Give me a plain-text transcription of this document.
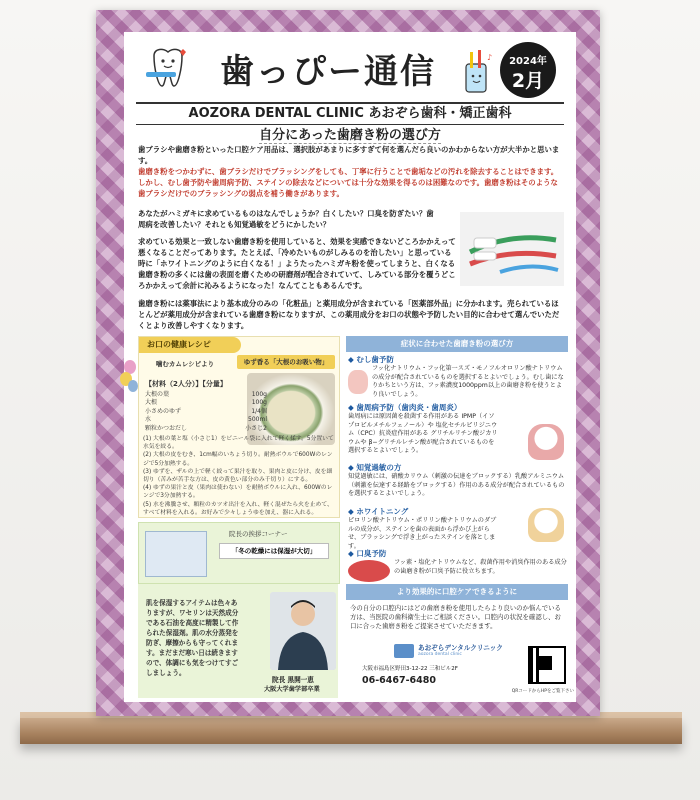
歯っぴー通信	♪	2024年
2月
AOZORA DENTAL CLINIC あおぞら歯科・矯正歯科
自分にあった歯磨き粉の選び方
歯ブラシや歯磨き粉といった口腔ケア用品は、選択肢があまりに多すぎて何を選んだら良いのかわからない方が大半かと思います。
歯磨き粉をつかわずに、歯ブラシだけでブラッシングをしても、丁寧に行うことで歯垢などの汚れを除去することはできます。しかし、むし歯予防や歯周病予防、ステインの除去などについては十分な効果を得るのは困難なのです。歯磨き粉はそのような歯ブラシだけでのブラッシングの弱点を補う働きがあります。
あなたがハミガキに求めているものはなんでしょうか？白くしたい？口臭を防ぎたい？歯周病を改善したい？それとも知覚過敏をどうにかしたい？
求めている効果と一致しない歯磨き粉を使用していると、効果を実感できないどころかかえって悪くなることだってあります。たとえば、「冷めたいものがしみるのを治したい」と思っている時に「ホワイトニングのように白くなる！」ようたったハミガキ粉を使ってしまうと、白くなる歯磨き粉の多くには歯の表面を磨くための研磨剤が配合されていて、しみている部分を覆うどころかかえって余計に沁みるようになった！なんてこともあるんです。
歯磨き粉には薬事法により基本成分のみの「化粧品」と薬用成分が含まれている「医薬部外品」に分かれます。売られているほとんどが薬用成分が含まれている歯磨き粉になりますが、この薬用成分をお口の状態や予防したい目的に合わせて選んでいただくとより改善しやすくなります。
お口の健康レシピ
噛むカムレシピより	ゆず香る「大根のお吸い物」
【材料（2人分）】【分量】
大根の葉	100g
大根	100g
小さめのゆず	1/4個
水	500ml
顆粒かつおだし	小さじ2
(1) 大根の葉と塩（小さじ1）をビニール袋に入れて軽く揉す。5分置いて水気を絞る。
(2) 大根の皮をむき、1cm幅のいちょう切り。耐熱ボウルで600Wのレンジで5分加熱する。
(3) ゆずを、ザルの上で軽く絞って果汁を取り、果肉と皮に分け、皮を細切り（苦みが苦手な方は、皮の黄色い部分のみ千切り）にする。
(4) ゆずの果汁と皮（果肉は使わない）を耐熱ボウルに入れ、600Wのレンジで3分加熱する。
(5) 水を沸騰させ、顆粒のカツオ出汁を入れ、軽く混ぜたら火を止めて、すべて材料を入れる。お好みで少々しょうゆを加え、器に入れる。
院長の挨拶コーナー
「冬の乾燥には保湿が大切」
肌を保湿するアイテムは色々ありますが、ワセリンは天然成分である石油を高度に精製して作られた保湿剤。肌の水分蒸発を防ぎ、摩擦からも守ってくれます。まだまだ寒い日は続きますので、体調にも気をつけてすごしましょう。
院長 黒開一恵
大阪大学歯学部卒業
症状に合わせた歯磨き粉の選び方
◆ むし歯予防
フッ化ナトリウム・フッ化第一スズ・モノフルオロリン酸ナトリウムの成分が配合されているものを選択するとよいでしょう。むし歯になりかちという方は、フッ素濃度1000ppm以上の歯磨き粉を使うとより良いでしょう。
◆ 歯周病予防（歯肉炎・歯周炎）
歯周病には原因菌を殺菌する作用がある IPMP（イソプロピルメチルフェノール）や 塩化セチルピリジニウム（CPC）抗炎症作用がある グリチルリチン酸ジカリウムや β−グリチルレチン酸が配合されているものを選択するとよいでしょう。
◆ 知覚過敏の方
知覚過敏には、硝酸カリウム（刺激の伝達をブロックする）乳酸アルミニウム（刺激を伝達する経路をブロックする）作用のある成分が配合されているものを選択するとよいでしょう。
◆ ホワイトニング
ピロリン酸ナトリウム・ポリリン酸ナトリウムのダブルの成分が、ステインを歯の表面から浮かび上がらせ、ブラッシングで浮き上がったステインを落とします。
◆ 口臭予防
フッ素・塩化ナトリウムなど、殺菌作用や消臭作用のある成分の歯磨き粉が口臭予防に役立ちます。
より効果的に口腔ケアできるように
今の自分の口腔内にはどの歯磨き粉を使用したらより良いのか悩んでいる方は、当医院の歯科衛生士にご相談ください。口腔内の状況を確認し、お口に合った歯磨き粉をご提案させていただきます。
あおぞらデンタルクリニック
aozora dental clinic
大阪市福島区野田3-12-22 三和ビル2F
06-6467-6480
QRコードからHPをご覧下さい
